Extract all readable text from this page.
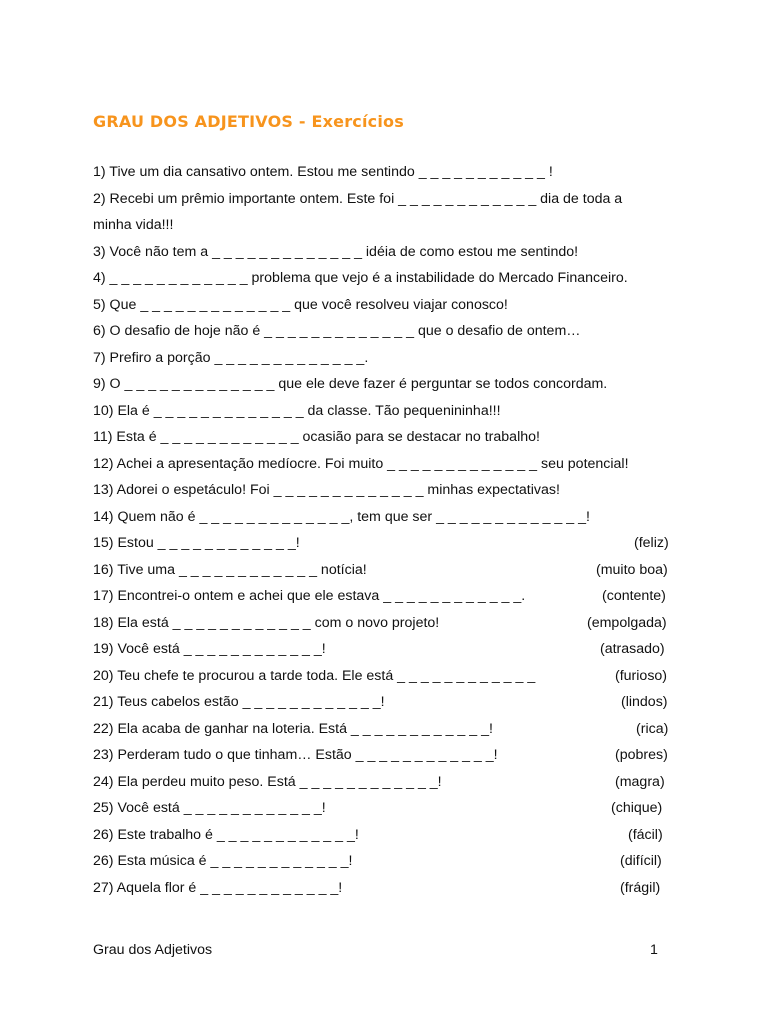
GRAU DOS ADJETIVOS - Exercícios
1) Tive um dia cansativo ontem. Estou me sentindo _ _ _ _ _ _ _ _ _ _ _ !
2) Recebi um prêmio importante ontem. Este foi _ _ _ _ _ _ _ _ _ _ _ _ dia de toda a
minha vida!!!
3) Você não tem a _ _ _ _ _ _ _ _ _ _ _ _ _ idéia de como estou me sentindo!
4) _ _ _ _ _ _ _ _ _ _ _ _ problema que vejo é a instabilidade do Mercado Financeiro.
5) Que _ _ _ _ _ _ _ _ _ _ _ _ _ que você resolveu viajar conosco!
6) O desafio de hoje não é _ _ _ _ _ _ _ _ _ _ _ _ _ que o desafio de ontem…
7) Prefiro a porção _ _ _ _ _ _ _ _ _ _ _ _ _.
9) O _ _ _ _ _ _ _ _ _ _ _ _ _ que ele deve fazer é perguntar se todos concordam.
10) Ela é _ _ _ _ _ _ _ _ _ _ _ _ _ da classe. Tão pequenininha!!!
11) Esta é _ _ _ _ _ _ _ _ _ _ _ _ ocasião para se destacar no trabalho!
12) Achei a apresentação medíocre. Foi muito _ _ _ _ _ _ _ _ _ _ _ _ _ seu potencial!
13) Adorei o espetáculo! Foi _ _ _ _ _ _ _ _ _ _ _ _ _ minhas expectativas!
14) Quem não é _ _ _ _ _ _ _ _ _ _ _ _ _, tem que ser _ _ _ _ _ _ _ _ _ _ _ _ _!
15) Estou _ _ _ _ _ _ _ _ _ _ _ _!	(feliz)
16) Tive uma _ _ _ _ _ _ _ _ _ _ _ _ notícia!	(muito boa)
17) Encontrei-o ontem e achei que ele estava _ _ _ _ _ _ _ _ _ _ _ _.	(contente)
18) Ela está _ _ _ _ _ _ _ _ _ _ _ _ com o novo projeto!	(empolgada)
19) Você está _ _ _ _ _ _ _ _ _ _ _ _!	(atrasado)
20) Teu chefe te procurou a tarde toda. Ele está _ _ _ _ _ _ _ _ _ _ _ _	(furioso)
21) Teus cabelos estão _ _ _ _ _ _ _ _ _ _ _ _!	(lindos)
22) Ela acaba de ganhar na loteria. Está _ _ _ _ _ _ _ _ _ _ _ _!	(rica)
23) Perderam tudo o que tinham… Estão _ _ _ _ _ _ _ _ _ _ _ _!	(pobres)
24) Ela perdeu muito peso. Está _ _ _ _ _ _ _ _ _ _ _ _!	(magra)
25) Você está _ _ _ _ _ _ _ _ _ _ _ _!	(chique)
26) Este trabalho é _ _ _ _ _ _ _ _ _ _ _ _!	(fácil)
26) Esta música é _ _ _ _ _ _ _ _ _ _ _ _!	(difícil)
27) Aquela flor é _ _ _ _ _ _ _ _ _ _ _ _!	(frágil)
Grau dos Adjetivos	1
